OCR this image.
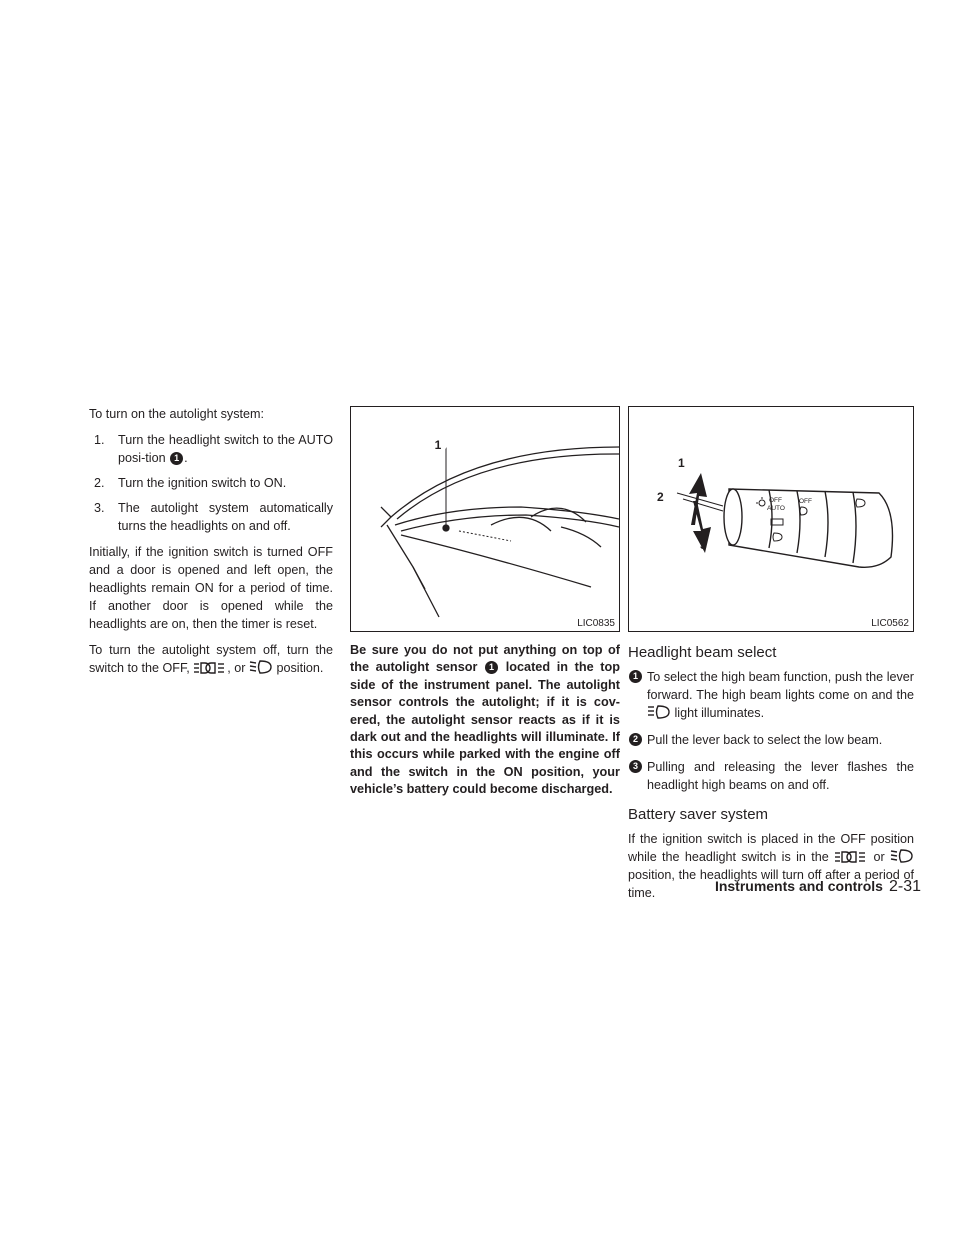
To turn on the autolight system:

1. Turn the headlight switch to the AUTO posi-tion 1 .
2. Turn the ignition switch to ON.
3. The autolight system automatically turns the headlights on and off.

Initially, if the ignition switch is turned OFF and a door is opened and left open, the headlights remain ON for a period of time. If another door is opened while the headlights are on, then the timer is reset.

To turn the autolight system off, turn the switch to the OFF,	, or position.

1
LIC0835
Be sure you do not put anything on top of the autolight sensor 1 located in the top side of the instrument panel. The autolight sensor controls the autolight; if it is cov-ered, the autolight sensor reacts as if it is dark out and the headlights will illuminate. If this occurs while parked with the engine off and the switch in the ON position, your vehicle’s battery could become discharged.
1
2
3
OFF
AUTO
OFF
LIC0562
Headlight beam select
1 To select the high beam function, push the lever forward. The high beam lights come on and the
light illuminates.
2 Pull the lever back to select the low beam.
3 Pulling and releasing the lever flashes the headlight high beams on and off.
Battery saver system

If the ignition switch is placed in the OFF position while the headlight switch is in the	or
position, the headlights will turn off after a period of time.	Instruments and controls 2-31
